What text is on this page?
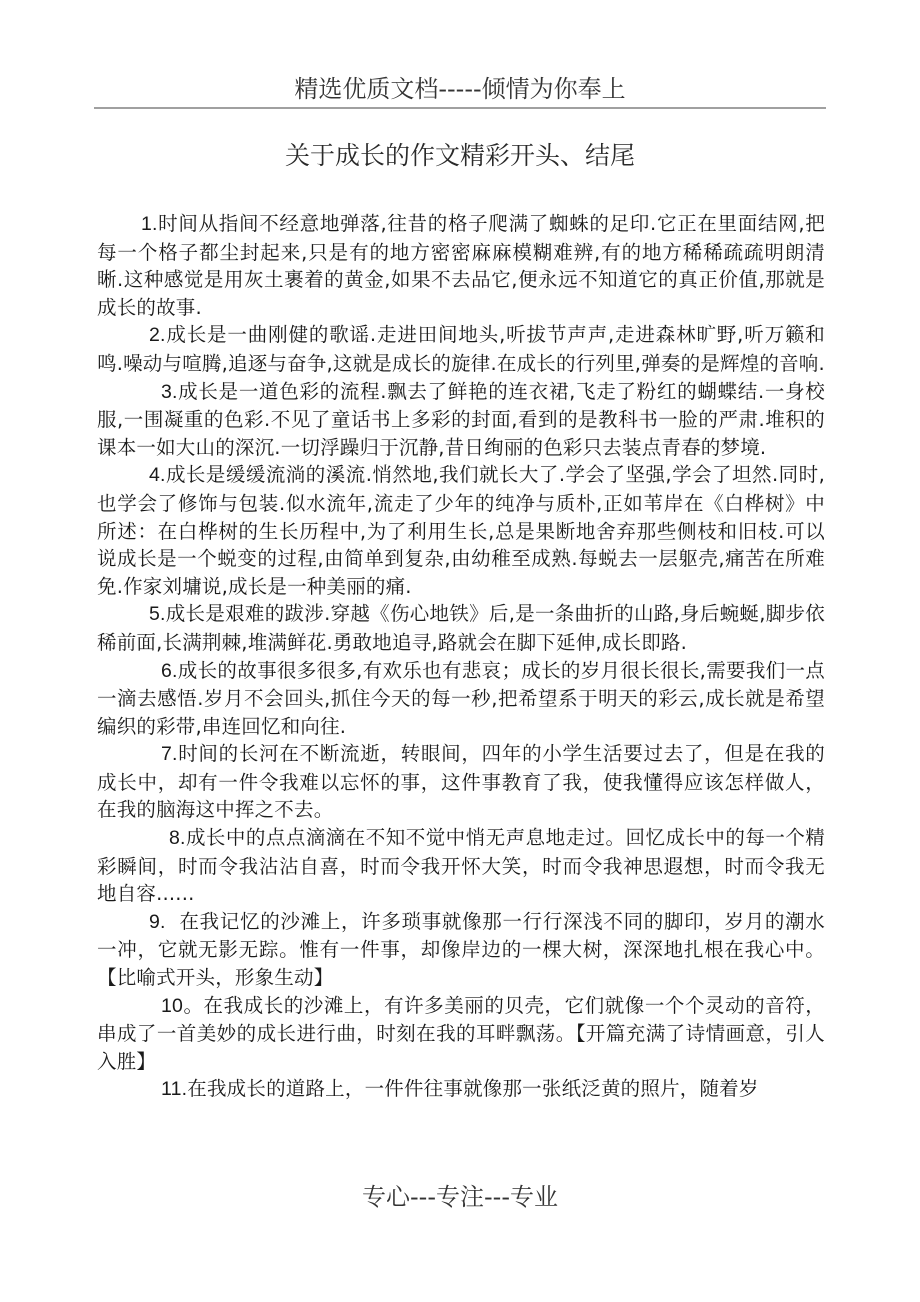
精选优质文档-----倾情为你奉上
关于成长的作文精彩开头、结尾

1.时间从指间不经意地弹落,往昔的格子爬满了蜘蛛的足印.它正在里面结网,把每一个格子都尘封起来,只是有的地方密密麻麻模糊难辨,有的地方稀稀疏疏明朗清晰.这种感觉是用灰土裹着的黄金,如果不去品它,便永远不知道它的真正价值,那就是成长的故事.

2.成长是一曲刚健的歌谣.走进田间地头,听拔节声声,走进森林旷野,听万籁和鸣.噪动与喧腾,追逐与奋争,这就是成长的旋律.在成长的行列里,弹奏的是辉煌的音响.

3.成长是一道色彩的流程.飘去了鲜艳的连衣裙,飞走了粉红的蝴蝶结.一身校服,一围凝重的色彩.不见了童话书上多彩的封面,看到的是教科书一脸的严肃.堆积的课本一如大山的深沉.一切浮躁归于沉静,昔日绚丽的色彩只去装点青春的梦境.

4.成长是缓缓流淌的溪流.悄然地,我们就长大了.学会了坚强,学会了坦然.同时,也学会了修饰与包装.似水流年,流走了少年的纯净与质朴,正如苇岸在《白桦树》中所述：在白桦树的生长历程中,为了利用生长,总是果断地舍弃那些侧枝和旧枝.可以说成长是一个蜕变的过程,由简单到复杂,由幼稚至成熟.每蜕去一层躯壳,痛苦在所难免.作家刘墉说,成长是一种美丽的痛.

5.成长是艰难的跋涉.穿越《伤心地铁》后,是一条曲折的山路,身后蜿蜒,脚步依稀前面,长满荆棘,堆满鲜花.勇敢地追寻,路就会在脚下延伸,成长即路.

6.成长的故事很多很多,有欢乐也有悲哀；成长的岁月很长很长,需要我们一点一滴去感悟.岁月不会回头,抓住今天的每一秒,把希望系于明天的彩云,成长就是希望编织的彩带,串连回忆和向往.

7.时间的长河在不断流逝，转眼间，四年的小学生活要过去了，但是在我的成长中，却有一件令我难以忘怀的事，这件事教育了我，使我懂得应该怎样做人，在我的脑海这中挥之不去。

8.成长中的点点滴滴在不知不觉中悄无声息地走过。回忆成长中的每一个精彩瞬间，时而令我沾沾自喜，时而令我开怀大笑，时而令我神思遐想，时而令我无地自容......

9.  在我记忆的沙滩上，许多琐事就像那一行行深浅不同的脚印，岁月的潮水一冲，它就无影无踪。惟有一件事，却像岸边的一棵大树，深深地扎根在我心中。【比喻式开头，形象生动】

10。在我成长的沙滩上，有许多美丽的贝壳，它们就像一个个灵动的音符，串成了一首美妙的成长进行曲，时刻在我的耳畔飘荡。【开篇充满了诗情画意，引人入胜】

11.在我成长的道路上，一件件往事就像那一张纸泛黄的照片，随着岁

专心---专注---专业
